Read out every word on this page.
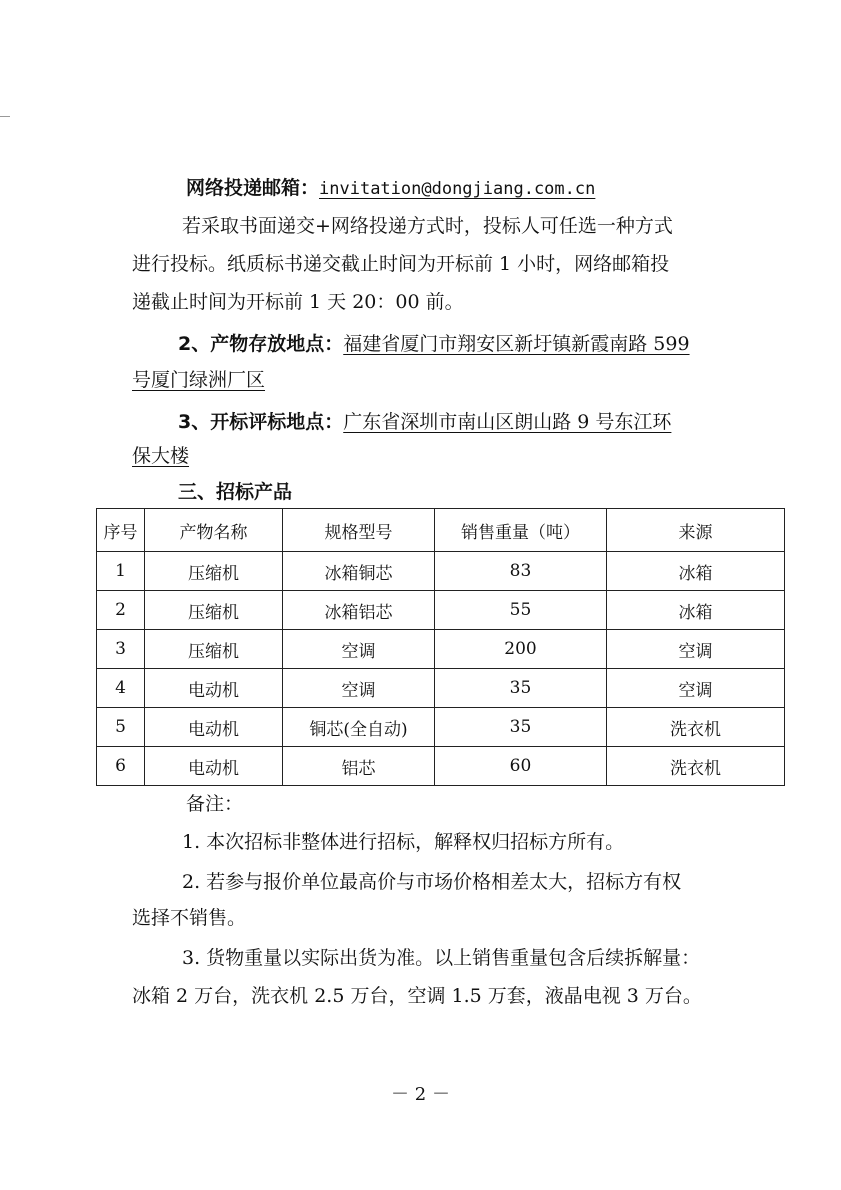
网络投递邮箱：invitation@dongjiang.com.cn
若采取书面递交+网络投递方式时，投标人可任选一种方式
进行投标。纸质标书递交截止时间为开标前 1 小时，网络邮箱投
递截止时间为开标前 1 天 20：00 前。
2、产物存放地点：福建省厦门市翔安区新圩镇新霞南路 599
号厦门绿洲厂区
3、开标评标地点：广东省深圳市南山区朗山路 9 号东江环
保大楼
三、招标产品
序号	产物名称	规格型号	销售重量（吨）	来源
1	压缩机	冰箱铜芯	83	冰箱
2	压缩机	冰箱铝芯	55	冰箱
3	压缩机	空调	200	空调
4	电动机	空调	35	空调
5	电动机	铜芯(全自动)	35	洗衣机
6	电动机	铝芯	60	洗衣机
备注：
1. 本次招标非整体进行招标，解释权归招标方所有。
2. 若参与报价单位最高价与市场价格相差太大，招标方有权
选择不销售。
3. 货物重量以实际出货为准。以上销售重量包含后续拆解量：
冰箱 2 万台，洗衣机 2.5 万台，空调 1.5 万套，液晶电视 3 万台。
－ 2 －
